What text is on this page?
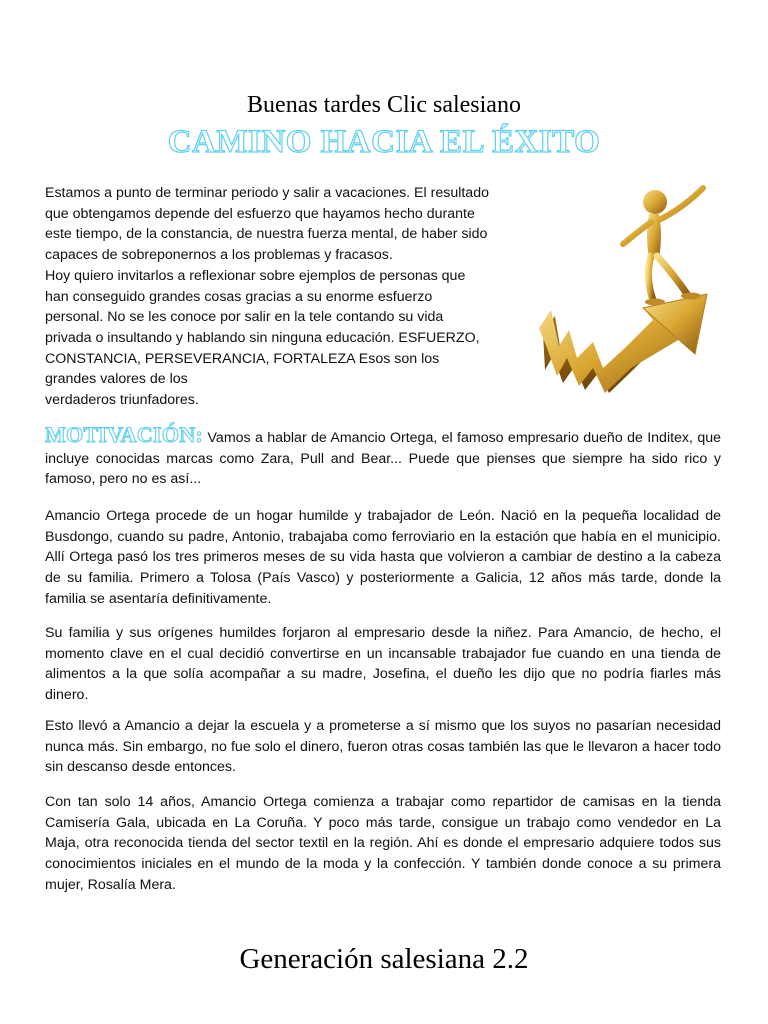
Buenas tardes Clic salesiano
CAMINO HACIA EL ÉXITO

Estamos a punto de terminar periodo y salir a vacaciones. El resultado
que obtengamos depende del esfuerzo que hayamos hecho durante
este tiempo, de la constancia, de nuestra fuerza mental, de haber sido
capaces de sobreponernos a los problemas y fracasos.
Hoy quiero invitarlos a reflexionar sobre ejemplos de personas que
han conseguido grandes cosas gracias a su enorme esfuerzo
personal. No se les conoce por salir en la tele contando su vida
privada o insultando y hablando sin ninguna educación. ESFUERZO,
CONSTANCIA, PERSEVERANCIA, FORTALEZA Esos son los
grandes valores de los
verdaderos triunfadores.

MOTIVACIÓN: Vamos a hablar de Amancio Ortega, el famoso empresario dueño de Inditex, que incluye conocidas marcas como Zara, Pull and Bear... Puede que pienses que siempre ha sido rico y famoso, pero no es así...

Amancio Ortega procede de un hogar humilde y trabajador de León. Nació en la pequeña localidad de Busdongo, cuando su padre, Antonio, trabajaba como ferroviario en la estación que había en el municipio. Allí Ortega pasó los tres primeros meses de su vida hasta que volvieron a cambiar de destino a la cabeza de su familia. Primero a Tolosa (País Vasco) y posteriormente a Galicia, 12 años más tarde, donde la familia se asentaría definitivamente.

Su familia y sus orígenes humildes forjaron al empresario desde la niñez. Para Amancio, de hecho, el momento clave en el cual decidió convertirse en un incansable trabajador fue cuando en una tienda de alimentos a la que solía acompañar a su madre, Josefina, el dueño les dijo que no podría fiarles más dinero.

Esto llevó a Amancio a dejar la escuela y a prometerse a sí mismo que los suyos no pasarían necesidad nunca más. Sin embargo, no fue solo el dinero, fueron otras cosas también las que le llevaron a hacer todo sin descanso desde entonces.

Con tan solo 14 años, Amancio Ortega comienza a trabajar como repartidor de camisas en la tienda Camisería Gala, ubicada en La Coruña. Y poco más tarde, consigue un trabajo como vendedor en La Maja, otra reconocida tienda del sector textil en la región. Ahí es donde el empresario adquiere todos sus conocimientos iniciales en el mundo de la moda y la confección. Y también donde conoce a su primera mujer, Rosalía Mera.

Generación salesiana 2.2
